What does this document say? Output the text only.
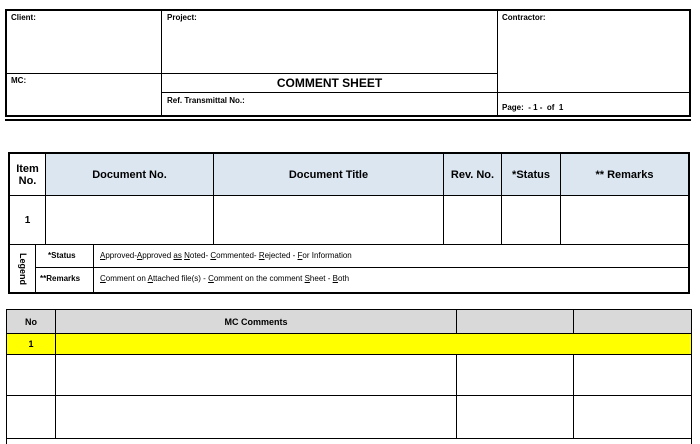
Client:	Project:	Contractor:
MC:	COMMENT SHEET
Ref. Transmittal No.:
Page:  - 1 -  of  1
Item No.	Document No.	Document Title	Rev. No.	*Status	** Remarks
1
Legend	*Status	Approved-Approved as Noted- Commented- Rejected - For Information
**Remarks	Comment on Attached file(s) - Comment on the comment Sheet - Both
No	MC Comments
1
